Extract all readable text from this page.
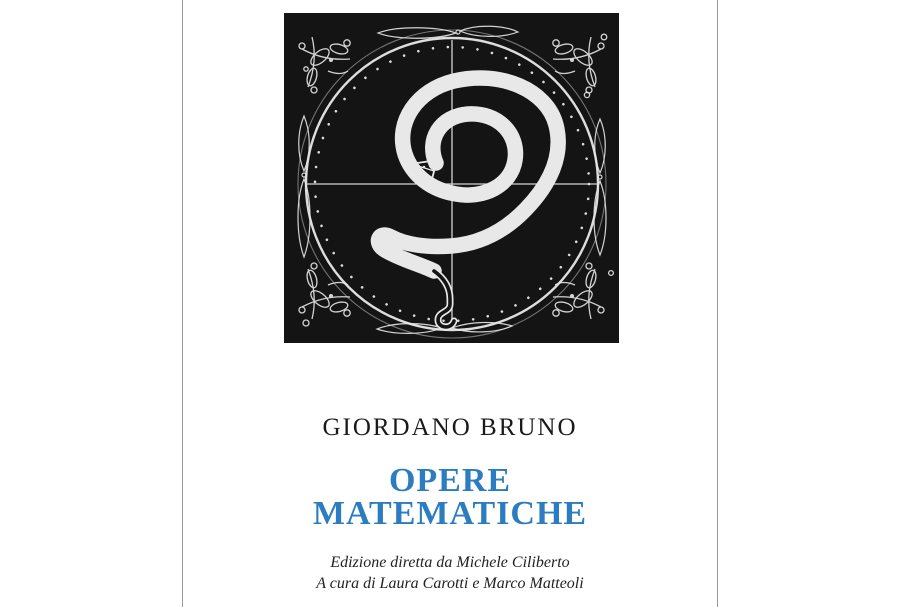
GIORDANO BRUNO
OPERE
MATEMATICHE
Edizione diretta da Michele Ciliberto
A cura di Laura Carotti e Marco Matteoli
